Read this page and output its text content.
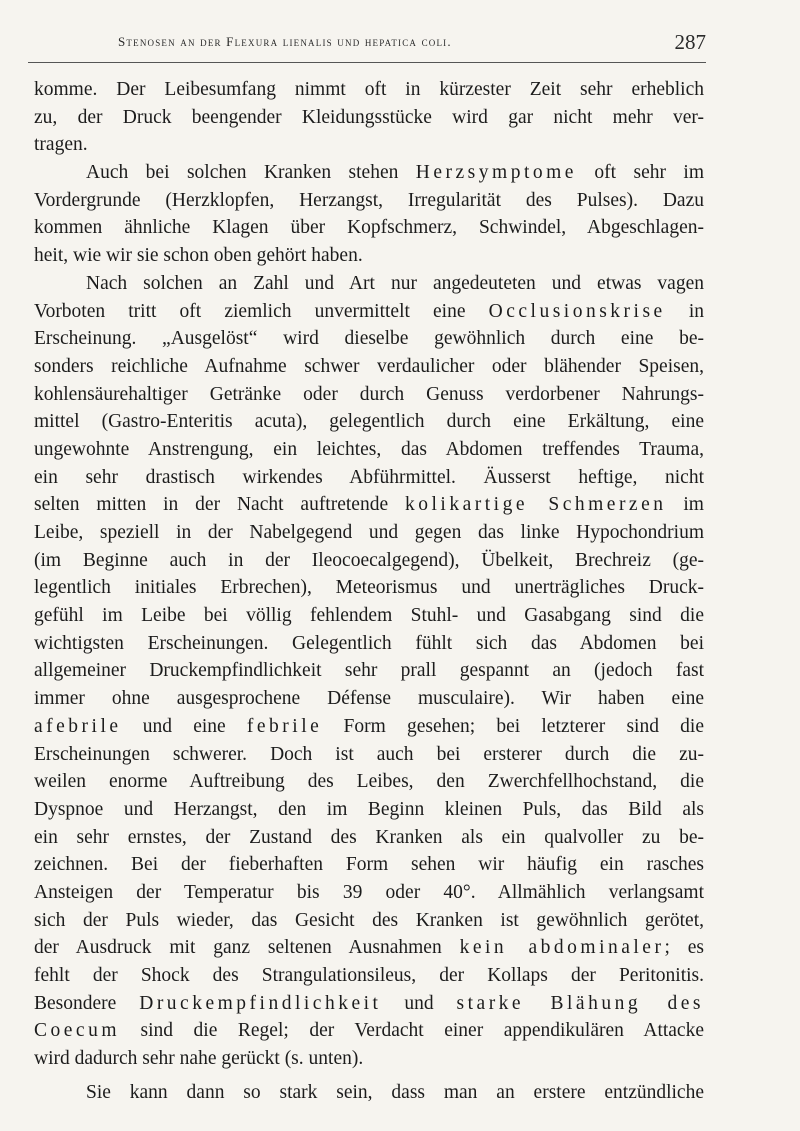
Stenosen an der Flexura lienalis und hepatica coli.	287
komme. Der Leibesumfang nimmt oft in kürzester Zeit sehr erheblich
zu, der Druck beengender Kleidungsstücke wird gar nicht mehr ver-
tragen.
Auch bei solchen Kranken stehen Herzsymptome oft sehr im
Vordergrunde (Herzklopfen, Herzangst, Irregularität des Pulses). Dazu
kommen ähnliche Klagen über Kopfschmerz, Schwindel, Abgeschlagen-
heit, wie wir sie schon oben gehört haben.
Nach solchen an Zahl und Art nur angedeuteten und etwas vagen
Vorboten tritt oft ziemlich unvermittelt eine Occlusionskrise in
Erscheinung. „Ausgelöst“ wird dieselbe gewöhnlich durch eine be-
sonders reichliche Aufnahme schwer verdaulicher oder blähender Speisen,
kohlensäurehaltiger Getränke oder durch Genuss verdorbener Nahrungs-
mittel (Gastro-Enteritis acuta), gelegentlich durch eine Erkältung, eine
ungewohnte Anstrengung, ein leichtes, das Abdomen treffendes Trauma,
ein sehr drastisch wirkendes Abführmittel. Äusserst heftige, nicht
selten mitten in der Nacht auftretende kolikartige Schmerzen im
Leibe, speziell in der Nabelgegend und gegen das linke Hypochondrium
(im Beginne auch in der Ileocoecalgegend), Übelkeit, Brechreiz (ge-
legentlich initiales Erbrechen), Meteorismus und unerträgliches Druck-
gefühl im Leibe bei völlig fehlendem Stuhl- und Gasabgang sind die
wichtigsten Erscheinungen. Gelegentlich fühlt sich das Abdomen bei
allgemeiner Druckempfindlichkeit sehr prall gespannt an (jedoch fast
immer ohne ausgesprochene Défense musculaire). Wir haben eine
afebrile und eine febrile Form gesehen; bei letzterer sind die
Erscheinungen schwerer. Doch ist auch bei ersterer durch die zu-
weilen enorme Auftreibung des Leibes, den Zwerchfellhochstand, die
Dyspnoe und Herzangst, den im Beginn kleinen Puls, das Bild als
ein sehr ernstes, der Zustand des Kranken als ein qualvoller zu be-
zeichnen. Bei der fieberhaften Form sehen wir häufig ein rasches
Ansteigen der Temperatur bis 39 oder 40°. Allmählich verlangsamt
sich der Puls wieder, das Gesicht des Kranken ist gewöhnlich gerötet,
der Ausdruck mit ganz seltenen Ausnahmen kein abdominaler; es
fehlt der Shock des Strangulationsileus, der Kollaps der Peritonitis.
Besondere Druckempfindlichkeit und starke Blähung des
Coecum sind die Regel; der Verdacht einer appendikulären Attacke
wird dadurch sehr nahe gerückt (s. unten).
Sie kann dann so stark sein, dass man an erstere entzündliche
